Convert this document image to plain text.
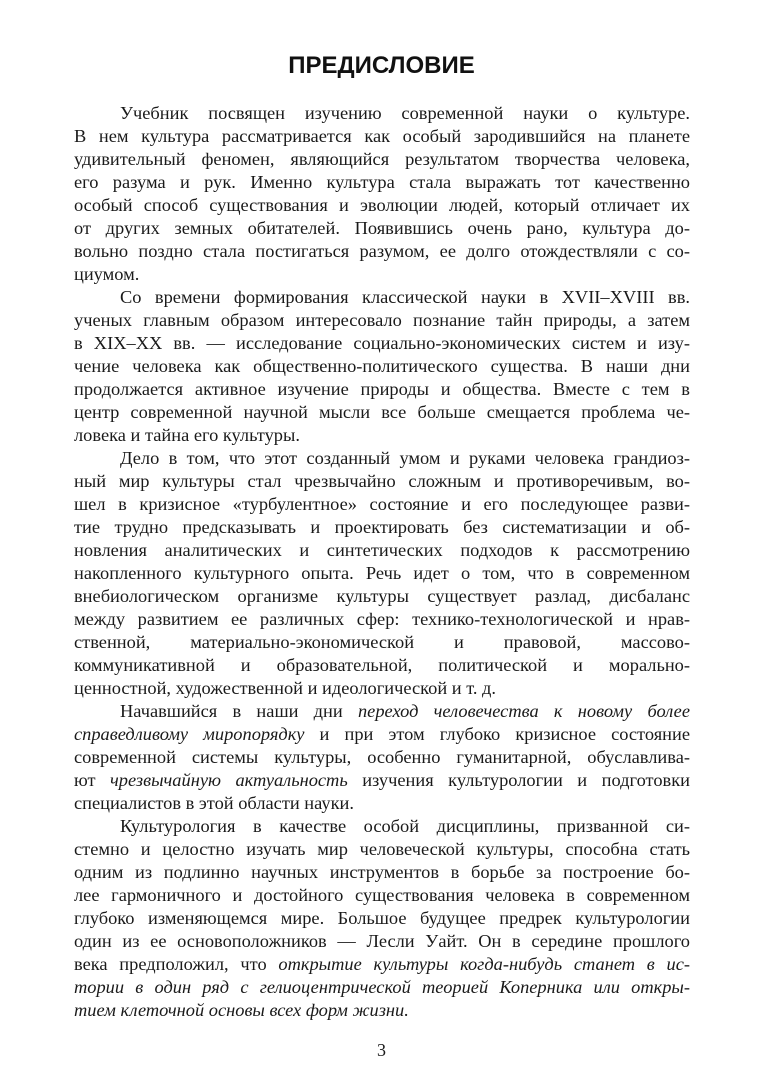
ПРЕДИСЛОВИЕ
Учебник посвящен изучению современной науки о культуре.
В нем культура рассматривается как особый зародившийся на планете
удивительный феномен, являющийся результатом творчества человека,
его разума и рук. Именно культура стала выражать тот качественно
особый способ существования и эволюции людей, который отличает их
от других земных обитателей. Появившись очень рано, культура до-
вольно поздно стала постигаться разумом, ее долго отождествляли с со-
циумом.
Со времени формирования классической науки в XVII–XVIII вв.
ученых главным образом интересовало познание тайн природы, а затем
в XIX–XX вв. — исследование социально-экономических систем и изу-
чение человека как общественно-политического существа. В наши дни
продолжается активное изучение природы и общества. Вместе с тем в
центр современной научной мысли все больше смещается проблема че-
ловека и тайна его культуры.
Дело в том, что этот созданный умом и руками человека грандиоз-
ный мир культуры стал чрезвычайно сложным и противоречивым, во-
шел в кризисное «турбулентное» состояние и его последующее разви-
тие трудно предсказывать и проектировать без систематизации и об-
новления аналитических и синтетических подходов к рассмотрению
накопленного культурного опыта. Речь идет о том, что в современном
внебиологическом организме культуры существует разлад, дисбаланс
между развитием ее различных сфер: технико-технологической и нрав-
ственной, материально-экономической и правовой, массово-
коммуникативной и образовательной, политической и морально-
ценностной, художественной и идеологической и т. д.
Начавшийся в наши дни переход человечества к новому более
справедливому миропорядку и при этом глубоко кризисное состояние
современной системы культуры, особенно гуманитарной, обуславлива-
ют чрезвычайную актуальность изучения культурологии и подготовки
специалистов в этой области науки.
Культурология в качестве особой дисциплины, призванной си-
стемно и целостно изучать мир человеческой культуры, способна стать
одним из подлинно научных инструментов в борьбе за построение бо-
лее гармоничного и достойного существования человека в современном
глубоко изменяющемся мире. Большое будущее предрек культурологии
один из ее основоположников — Лесли Уайт. Он в середине прошлого
века предположил, что открытие культуры когда-нибудь станет в ис-
тории в один ряд с гелиоцентрической теорией Коперника или откры-
тием клеточной основы всех форм жизни.
3
